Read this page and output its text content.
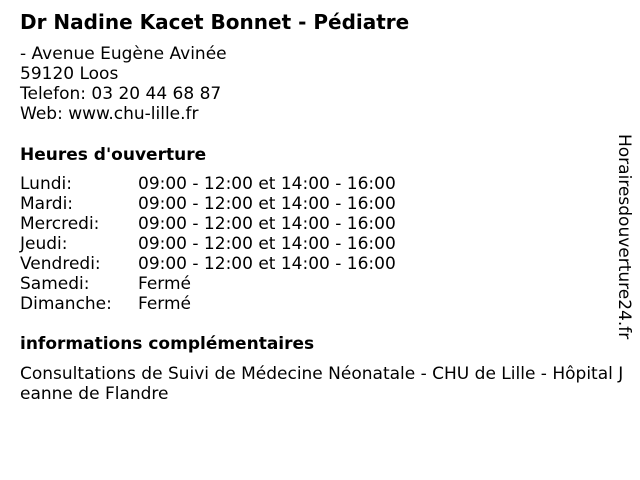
Dr Nadine Kacet Bonnet - Pédiatre
- Avenue Eugène Avinée
59120 Loos
Telefon: 03 20 44 68 87
Web: www.chu-lille.fr
Heures d'ouverture
Lundi:	09:00 - 12:00 et 14:00 - 16:00
Mardi:	09:00 - 12:00 et 14:00 - 16:00
Mercredi:	09:00 - 12:00 et 14:00 - 16:00
Jeudi:	09:00 - 12:00 et 14:00 - 16:00
Vendredi:	09:00 - 12:00 et 14:00 - 16:00
Samedi:	Fermé
Dimanche:	Fermé
informations complémentaires
Consultations de Suivi de Médecine Néonatale - CHU de Lille - Hôpital Jeanne de Flandre
Horairesdouverture24.fr
